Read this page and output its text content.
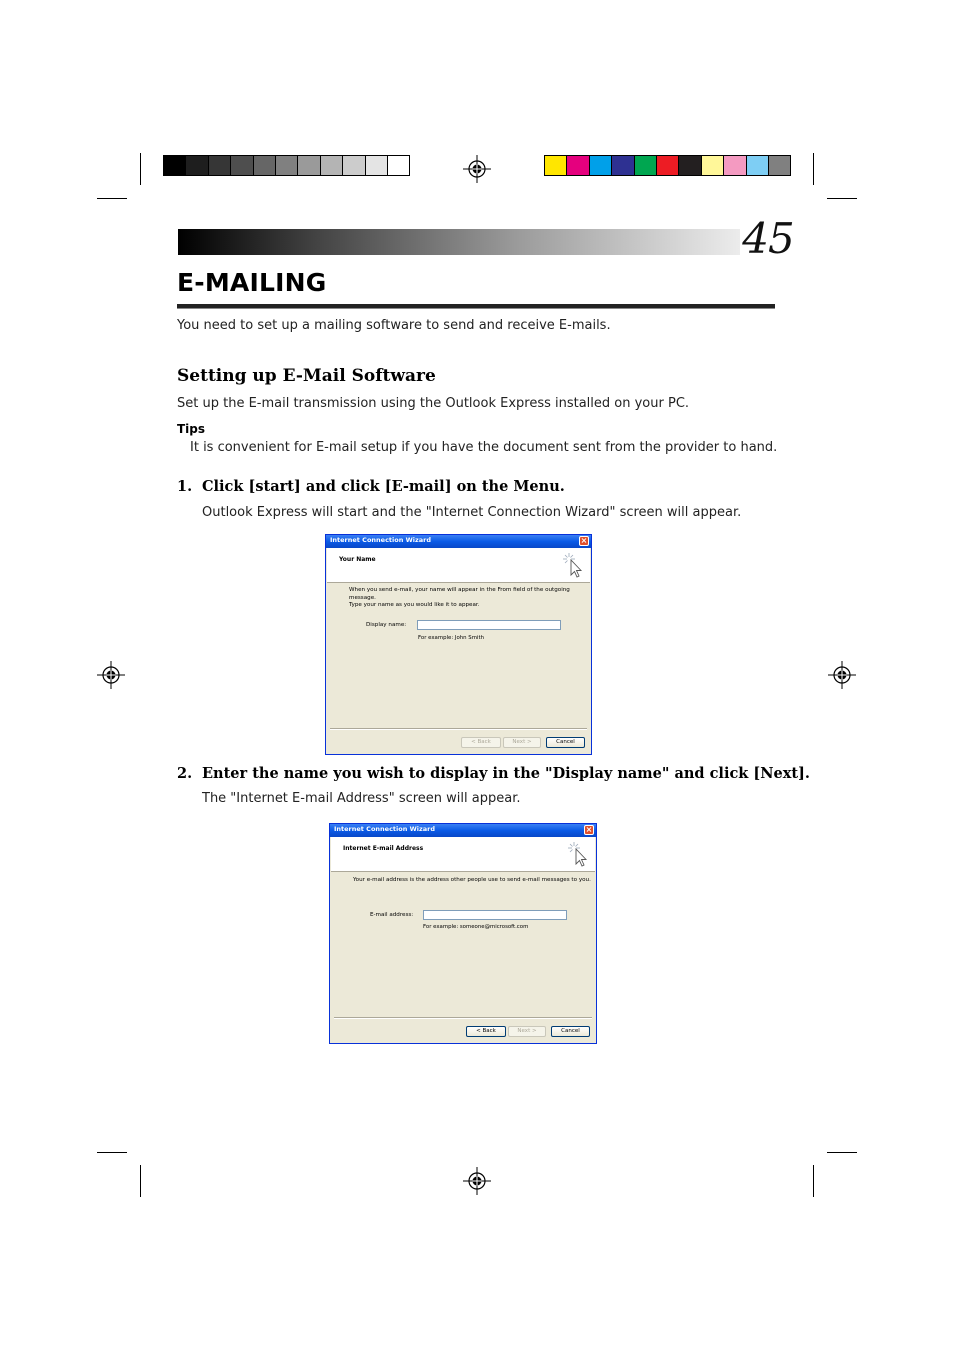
45
E-MAILING
You need to set up a mailing software to send and receive E-mails.
Setting up E-Mail Software
Set up the E-mail transmission using the Outlook Express installed on your PC.
Tips
It is convenient for E-mail setup if you have the document sent from the provider to hand.
1. Click [start] and click [E-mail] on the Menu.
Outlook Express will start and the "Internet Connection Wizard" screen will appear.
Internet Connection Wizard	×
Your Name
When you send e-mail, your name will appear in the From field of the outgoing message.
Type your name as you would like it to appear.
Display name:
For example: John Smith
< Back	Next >	Cancel
2. Enter the name you wish to display in the "Display name" and click [Next].
The "Internet E-mail Address" screen will appear.
Internet Connection Wizard	×
Internet E-mail Address
Your e-mail address is the address other people use to send e-mail messages to you.
E-mail address:
For example: someone@microsoft.com
< Back	Next >	Cancel
